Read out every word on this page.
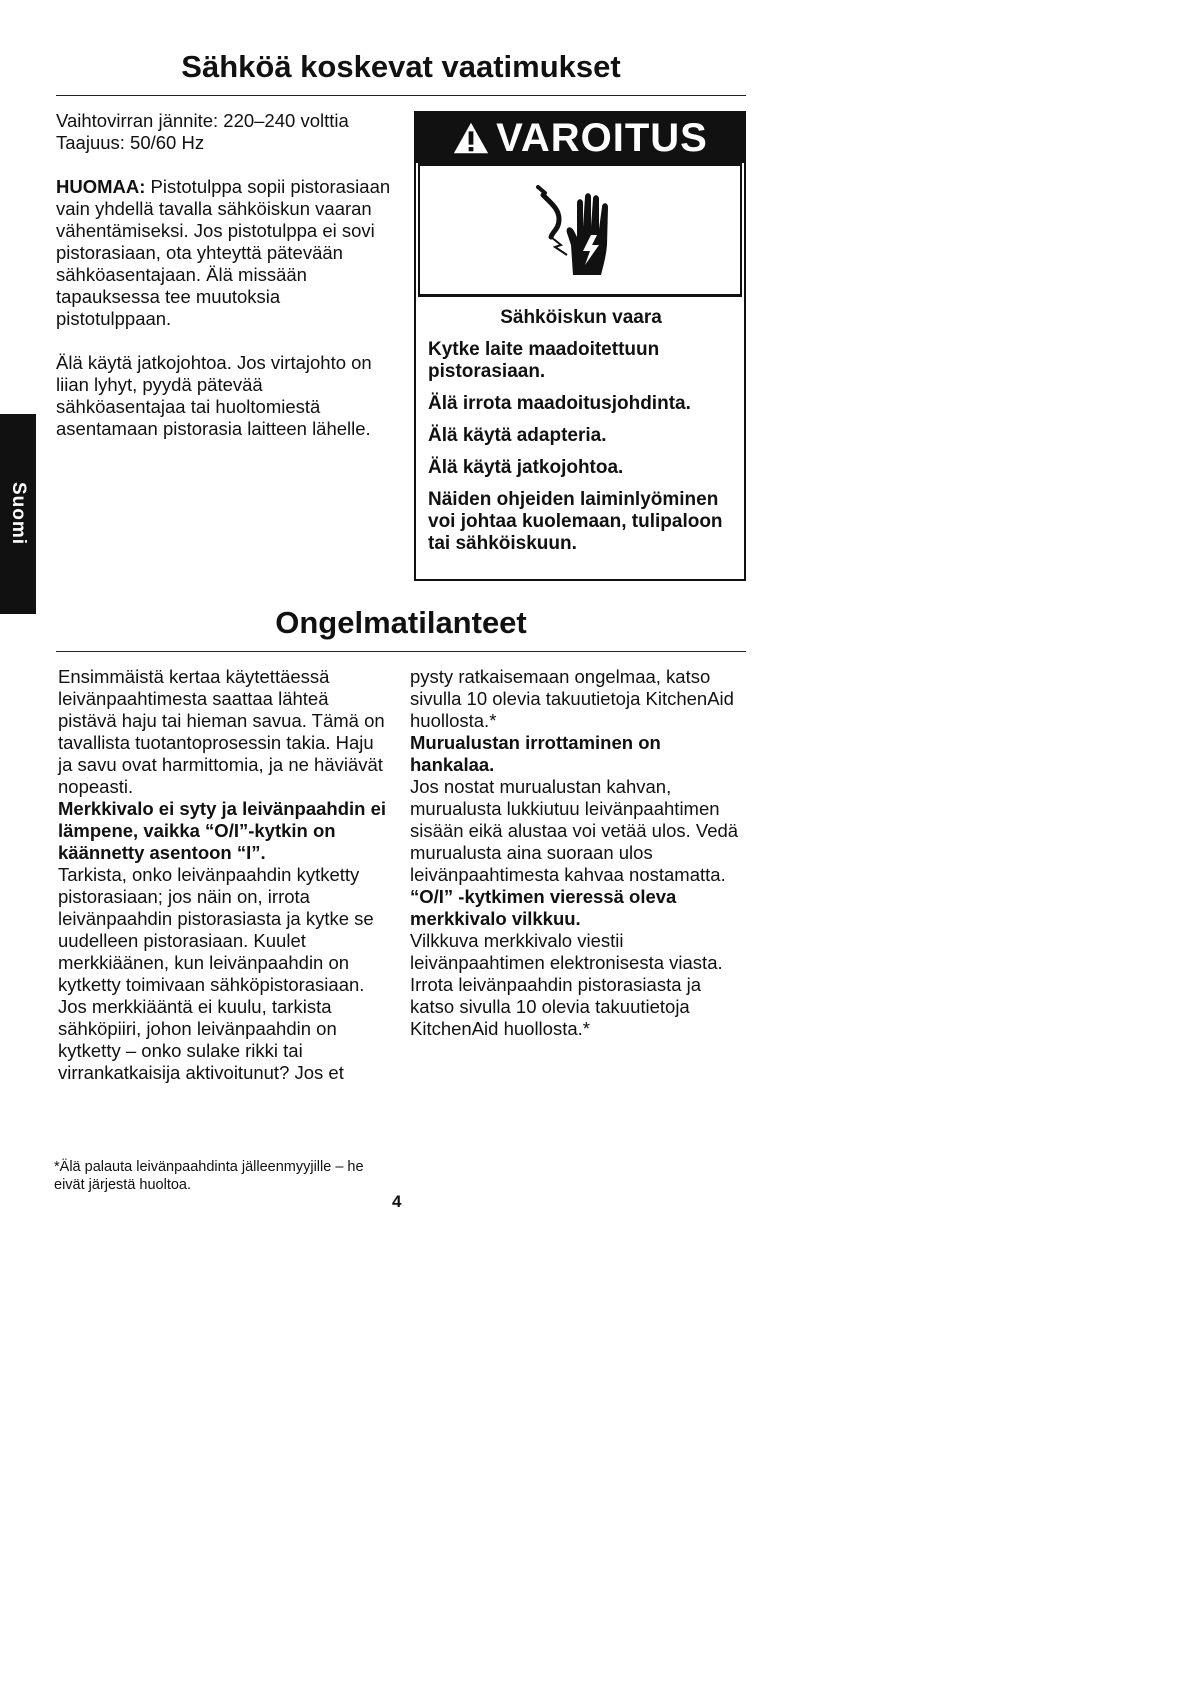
Sähköä koskevat vaatimukset

Vaihtovirran jännite: 220–240 volttia

Taajuus: 50/60 Hz

HUOMAA: Pistotulppa sopii pistorasiaan vain yhdellä tavalla sähköiskun vaaran vähentämiseksi. Jos pistotulppa ei sovi pistorasiaan, ota yhteyttä pätevään sähköasentajaan. Älä missään tapauksessa tee muutoksia pistotulppaan.

Älä käytä jatkojohtoa. Jos virtajohto on liian lyhyt, pyydä pätevää sähköasentajaa tai huoltomiestä asentamaan pistorasia laitteen lähelle.

VAROITUS
Sähköiskun vaara

Kytke laite maadoitettuun pistorasiaan.

Älä irrota maadoitusjohdinta.

Älä käytä adapteria.

Älä käytä jatkojohtoa.

Näiden ohjeiden laiminlyöminen voi johtaa kuolemaan, tulipaloon tai sähköiskuun.

Ongelmatilanteet

Ensimmäistä kertaa käytettäessä leivänpaahtimesta saattaa lähteä pistävä haju tai hieman savua. Tämä on tavallista tuotantoprosessin takia. Haju ja savu ovat harmittomia, ja ne häviävät nopeasti.

Merkkivalo ei syty ja leivänpaahdin ei lämpene, vaikka “O/I”-kytkin on käännetty asentoon “I”.

Tarkista, onko leivänpaahdin kytketty pistorasiaan; jos näin on, irrota leivänpaahdin pistorasiasta ja kytke se uudelleen pistorasiaan. Kuulet merkkiäänen, kun leivänpaahdin on kytketty toimivaan sähköpistorasiaan. Jos merkkiääntä ei kuulu, tarkista sähköpiiri, johon leivänpaahdin on kytketty – onko sulake rikki tai virrankatkaisija aktivoitunut? Jos et

pysty ratkaisemaan ongelmaa, katso sivulla 10 olevia takuutietoja KitchenAid huollosta.*

Murualustan irrottaminen on hankalaa.

Jos nostat murualustan kahvan, murualusta lukkiutuu leivänpaahtimen sisään eikä alustaa voi vetää ulos. Vedä murualusta aina suoraan ulos leivänpaahtimesta kahvaa nostamatta.

“O/I” -kytkimen vieressä oleva merkkivalo vilkkuu.

Vilkkuva merkkivalo viestii leivänpaahtimen elektronisesta viasta. Irrota leivänpaahdin pistorasiasta ja katso sivulla 10 olevia takuutietoja KitchenAid huollosta.*

Suomi
*Älä palauta leivänpaahdinta jälleenmyyjille – he eivät järjestä huoltoa.
4
